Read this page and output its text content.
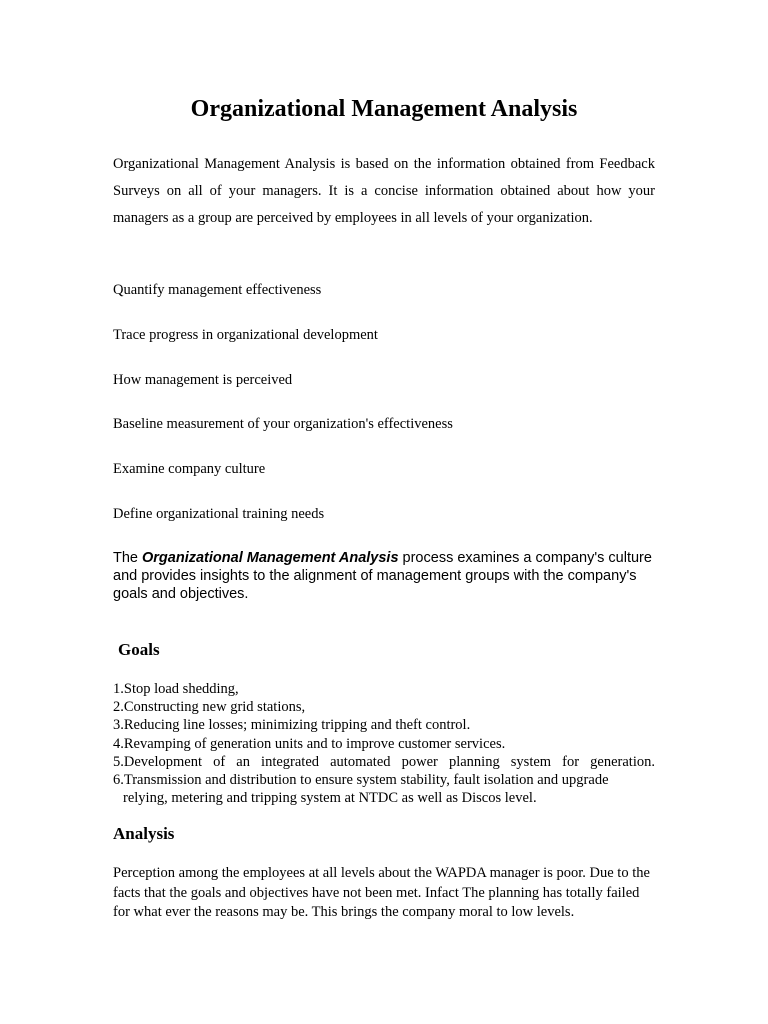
Organizational Management Analysis

Organizational Management Analysis is based on the information obtained from Feedback Surveys on all of your managers. It is a concise information obtained about how your managers as a group are perceived by employees in all levels of your organization.

Quantify management effectiveness

Trace progress in organizational development

How management is perceived

Baseline measurement of your organization's effectiveness

Examine company culture

Define organizational training needs

The Organizational Management Analysis process examines a company's culture and provides insights to the alignment of management groups with the company's goals and objectives.

Goals
1.Stop load shedding,
2.Constructing new grid stations,
3.Reducing line losses; minimizing tripping and theft control.
4.Revamping of generation units and to improve customer services.
5.Development of an integrated automated power planning system for generation.
6.Transmission and distribution to ensure system stability, fault isolation and upgrade relying, metering and tripping system at NTDC as well as Discos level.
Analysis

Perception among the employees at all levels about the WAPDA manager is poor. Due to the facts that the goals and objectives have not been met. Infact The planning has totally failed for what ever the reasons may be. This brings the company moral to low levels.
